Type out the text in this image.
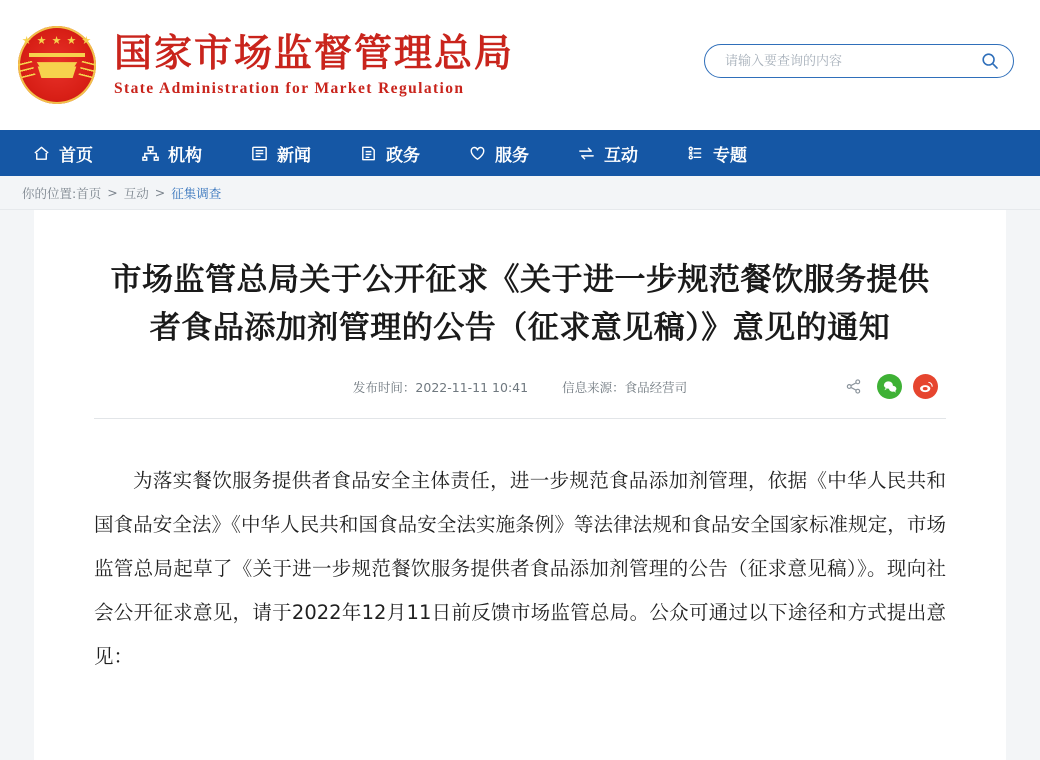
★ ★ ★ ★ ★ 国家市场监督管理总局
State Administration for Market Regulation
请输入要查询的内容
首页	机构	新闻	政务	服务	互动	专题
你的位置: 首页 > 互动 > 征集调查
市场监管总局关于公开征求《关于进一步规范餐饮服务提供者食品添加剂管理的公告（征求意见稿）》意见的通知
发布时间：2022-11-11 10:41	信息来源：食品经营司
为落实餐饮服务提供者食品安全主体责任，进一步规范食品添加剂管理，依据《中华人民共和国食品安全法》《中华人民共和国食品安全法实施条例》等法律法规和食品安全国家标准规定，市场监管总局起草了《关于进一步规范餐饮服务提供者食品添加剂管理的公告（征求意见稿）》。现向社会公开征求意见，请于2022年12月11日前反馈市场监管总局。公众可通过以下途径和方式提出意见：
